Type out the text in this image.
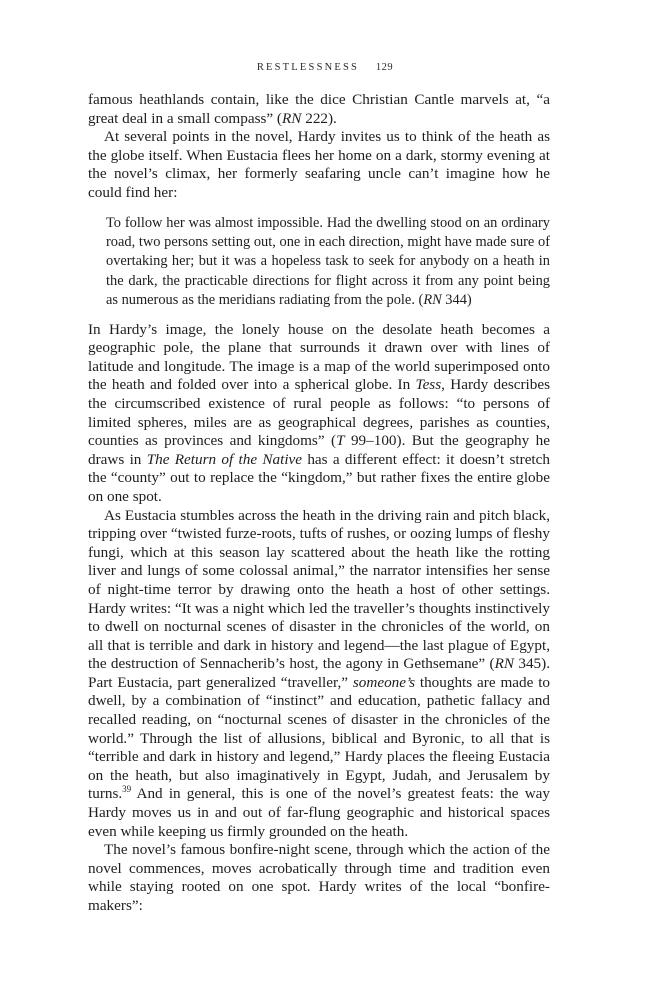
RESTLESSNESS 129

famous heathlands contain, like the dice Christian Cantle marvels at, “a great deal in a small compass” (RN 222).

At several points in the novel, Hardy invites us to think of the heath as the globe itself. When Eustacia flees her home on a dark, stormy evening at the novel’s climax, her formerly seafaring uncle can’t imagine how he could find her:

To follow her was almost impossible. Had the dwelling stood on an ordinary road, two persons setting out, one in each direction, might have made sure of overtaking her; but it was a hopeless task to seek for anybody on a heath in the dark, the practicable directions for flight across it from any point being as numerous as the meridians radiating from the pole. (RN 344)

In Hardy’s image, the lonely house on the desolate heath becomes a geographic pole, the plane that surrounds it drawn over with lines of latitude and longitude. The image is a map of the world superimposed onto the heath and folded over into a spherical globe. In Tess, Hardy describes the circumscribed existence of rural people as follows: “to persons of limited spheres, miles are as geographical degrees, parishes as counties, counties as provinces and kingdoms” (T 99–100). But the geography he draws in The Return of the Native has a different effect: it doesn’t stretch the “county” out to replace the “kingdom,” but rather fixes the entire globe on one spot.

As Eustacia stumbles across the heath in the driving rain and pitch black, tripping over “twisted furze-roots, tufts of rushes, or oozing lumps of fleshy fungi, which at this season lay scattered about the heath like the rotting liver and lungs of some colossal animal,” the narrator intensifies her sense of night-time terror by drawing onto the heath a host of other settings. Hardy writes: “It was a night which led the traveller’s thoughts instinctively to dwell on nocturnal scenes of disaster in the chronicles of the world, on all that is terrible and dark in history and legend—the last plague of Egypt, the destruction of Sennacherib’s host, the agony in Gethsemane” (RN 345). Part Eustacia, part generalized “traveller,” someone’s thoughts are made to dwell, by a combination of “instinct” and education, pathetic fallacy and recalled reading, on “nocturnal scenes of disaster in the chronicles of the world.” Through the list of allusions, biblical and Byronic, to all that is “terrible and dark in history and legend,” Hardy places the fleeing Eustacia on the heath, but also imaginatively in Egypt, Judah, and Jerusalem by turns.$^{39}$ And in general, this is one of the novel’s greatest feats: the way Hardy moves us in and out of far-flung geographic and historical spaces even while keeping us firmly grounded on the heath.

The novel’s famous bonfire-night scene, through which the action of the novel commences, moves acrobatically through time and tradition even while staying rooted on one spot. Hardy writes of the local “bonfire-makers”:
